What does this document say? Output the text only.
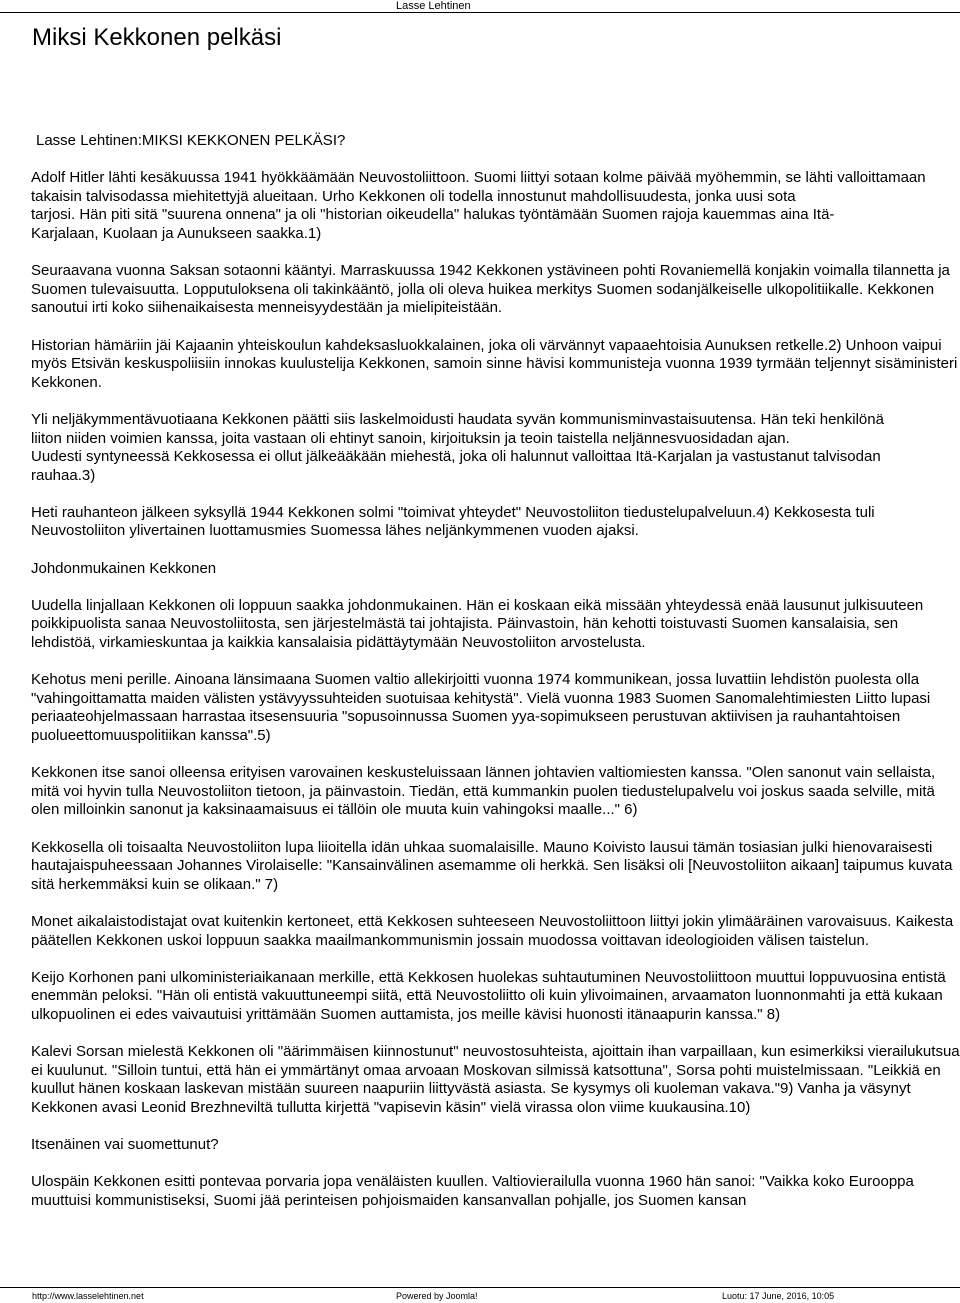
Lasse Lehtinen
Miksi Kekkonen pelkäsi

Lasse Lehtinen:MIKSI KEKKONEN PELKÄSI?

Adolf Hitler lähti kesäkuussa 1941 hyökkäämään Neuvostoliittoon. Suomi liittyi sotaan kolme päivää myöhemmin, se lähti valloittamaan
takaisin talvisodassa miehitettyjä alueitaan. Urho Kekkonen oli todella innostunut mahdollisuudesta, jonka uusi sota
tarjosi. Hän piti sitä "suurena onnena" ja oli "historian oikeudella" halukas työntämään Suomen rajoja kauemmas aina Itä-
Karjalaan, Kuolaan ja Aunukseen saakka.1)

Seuraavana vuonna Saksan sotaonni kääntyi. Marraskuussa 1942 Kekkonen ystävineen pohti Rovaniemellä konjakin voimalla tilannetta ja Suomen tulevaisuutta. Lopputuloksena oli takinkääntö, jolla oli oleva huikea merkitys Suomen sodanjälkeiselle ulkopolitiikalle. Kekkonen sanoutui irti koko siihenaikaisesta menneisyydestään ja mielipiteistään.

Historian hämäriin jäi Kajaanin yhteiskoulun kahdeksasluokkalainen, joka oli värvännyt vapaaehtoisia Aunuksen retkelle.2) Unhoon vaipui myös Etsivän keskuspoliisiin innokas kuulustelija Kekkonen, samoin sinne hävisi kommunisteja vuonna 1939 tyrmään teljennyt sisäministeri Kekkonen.

Yli neljäkymmentävuotiaana Kekkonen päätti siis laskelmoidusti haudata syvän kommunisminvastaisuutensa. Hän teki henkilönä
liiton niiden voimien kanssa, joita vastaan oli ehtinyt sanoin, kirjoituksin ja teoin taistella neljännesvuosidadan ajan.
Uudesti syntyneessä Kekkosessa ei ollut jälkeääkään miehestä, joka oli halunnut valloittaa Itä-Karjalan ja vastustanut talvisodan
rauhaa.3)

Heti rauhanteon jälkeen syksyllä 1944 Kekkonen solmi "toimivat yhteydet" Neuvostoliiton tiedustelupalveluun.4) Kekkosesta tuli Neuvostoliiton ylivertainen luottamusmies Suomessa lähes neljänkymmenen vuoden ajaksi.

Johdonmukainen Kekkonen

Uudella linjallaan Kekkonen oli loppuun saakka johdonmukainen. Hän ei koskaan eikä missään yhteydessä enää lausunut julkisuuteen poikkipuolista sanaa Neuvostoliitosta, sen järjestelmästä tai johtajista. Päinvastoin, hän kehotti toistuvasti Suomen kansalaisia, sen lehdistöä, virkamieskuntaa ja kaikkia kansalaisia pidättäytymään Neuvostoliiton arvostelusta.

Kehotus meni perille. Ainoana länsimaana Suomen valtio allekirjoitti vuonna 1974 kommunikean, jossa luvattiin lehdistön puolesta olla "vahingoittamatta maiden välisten ystävyyssuhteiden suotuisaa kehitystä". Vielä vuonna 1983 Suomen Sanomalehtimiesten Liitto lupasi periaateohjelmassaan harrastaa itsesensuuria "sopusoinnussa Suomen yya-sopimukseen perustuvan aktiivisen ja rauhantahtoisen puolueettomuuspolitiikan kanssa".5)

Kekkonen itse sanoi olleensa erityisen varovainen keskusteluissaan lännen johtavien valtiomiesten kanssa. "Olen sanonut vain sellaista, mitä voi hyvin tulla Neuvostoliiton tietoon, ja päinvastoin. Tiedän, että kummankin puolen tiedustelupalvelu voi joskus saada selville, mitä olen milloinkin sanonut ja kaksinaamaisuus ei tällöin ole muuta kuin vahingoksi maalle..." 6)

Kekkosella oli toisaalta Neuvostoliiton lupa liioitella idän uhkaa suomalaisille. Mauno Koivisto lausui tämän tosiasian julki hienovaraisesti hautajaispuheessaan Johannes Virolaiselle: "Kansainvälinen asemamme oli herkkä. Sen lisäksi oli [Neuvostoliiton aikaan] taipumus kuvata sitä herkemmäksi kuin se olikaan." 7)

Monet aikalaistodistajat ovat kuitenkin kertoneet, että Kekkosen suhteeseen Neuvostoliittoon liittyi jokin ylimääräinen varovaisuus. Kaikesta päätellen Kekkonen uskoi loppuun saakka maailmankommunismin jossain muodossa voittavan ideologioiden välisen taistelun.

Keijo Korhonen pani ulkoministeriaikanaan merkille, että Kekkosen huolekas suhtautuminen Neuvostoliittoon muuttui loppuvuosina entistä enemmän peloksi. "Hän oli entistä vakuuttuneempi siitä, että Neuvostoliitto oli kuin ylivoimainen, arvaamaton luonnonmahti ja että kukaan ulkopuolinen ei edes vaivautuisi yrittämään Suomen auttamista, jos meille kävisi huonosti itänaapurin kanssa." 8)

Kalevi Sorsan mielestä Kekkonen oli "äärimmäisen kiinnostunut" neuvostosuhteista, ajoittain ihan varpaillaan, kun esimerkiksi vierailukutsua ei kuulunut. "Silloin tuntui, että hän ei ymmärtänyt omaa arvoaan Moskovan silmissä katsottuna", Sorsa pohti muistelmissaan. "Leikkiä en kuullut hänen koskaan laskevan mistään suureen naapuriin liittyvästä asiasta. Se kysymys oli kuoleman vakava."9) Vanha ja väsynyt Kekkonen avasi Leonid Brezhneviltä tullutta kirjettä "vapisevin käsin" vielä virassa olon viime kuukausina.10)

Itsenäinen vai suomettunut?

Ulospäin Kekkonen esitti pontevaa porvaria jopa venäläisten kuullen. Valtiovierailulla vuonna 1960 hän sanoi: "Vaikka koko Eurooppa muuttuisi kommunistiseksi, Suomi jää perinteisen pohjoismaiden kansanvallan pohjalle, jos Suomen kansan

http://www.lasselehtinen.net	Powered by Joomla!	Luotu: 17 June, 2016, 10:05
